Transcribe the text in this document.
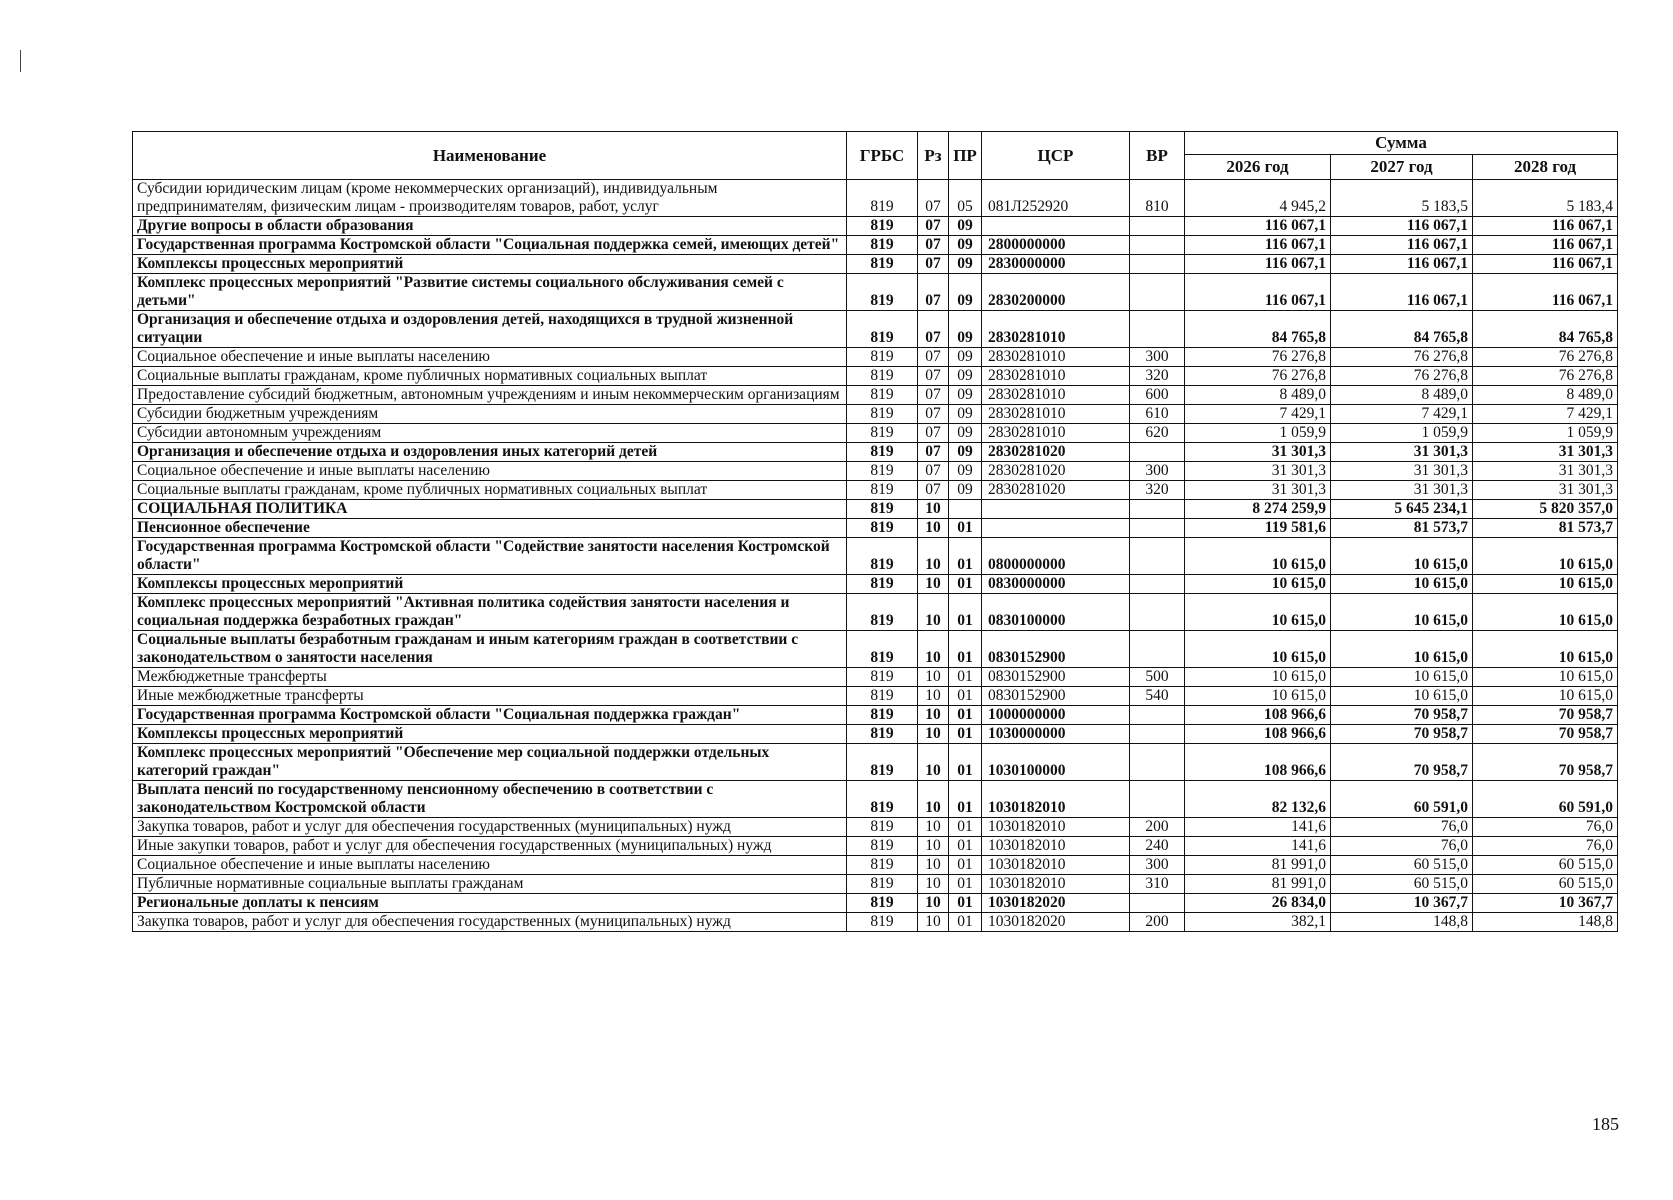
Наименование	ГРБС	Рз	ПР	ЦСР	ВР	Сумма		
						2026 год	2027 год	2028 год
Субсидии юридическим лицам (кроме некоммерческих организаций), индивидуальным предпринимателям, физическим лицам - производителям товаров, работ, услуг	819	07	05	081Л252920	810	4 945,2	5 183,5	5 183,4
Другие вопросы в области образования	819	07	09			116 067,1	116 067,1	116 067,1
Государственная программа Костромской области "Социальная поддержка семей, имеющих детей"	819	07	09	2800000000		116 067,1	116 067,1	116 067,1
Комплексы процессных мероприятий	819	07	09	2830000000		116 067,1	116 067,1	116 067,1
Комплекс процессных мероприятий "Развитие системы социального обслуживания семей с детьми"	819	07	09	2830200000		116 067,1	116 067,1	116 067,1
Организация и обеспечение отдыха и оздоровления детей, находящихся в трудной жизненной ситуации	819	07	09	2830281010		84 765,8	84 765,8	84 765,8
Социальное обеспечение и иные выплаты населению	819	07	09	2830281010	300	76 276,8	76 276,8	76 276,8
Социальные выплаты гражданам, кроме публичных нормативных социальных выплат	819	07	09	2830281010	320	76 276,8	76 276,8	76 276,8
Предоставление субсидий бюджетным, автономным учреждениям и иным некоммерческим организациям	819	07	09	2830281010	600	8 489,0	8 489,0	8 489,0
Субсидии бюджетным учреждениям	819	07	09	2830281010	610	7 429,1	7 429,1	7 429,1
Субсидии автономным учреждениям	819	07	09	2830281010	620	1 059,9	1 059,9	1 059,9
Организация и обеспечение отдыха и оздоровления иных категорий детей	819	07	09	2830281020		31 301,3	31 301,3	31 301,3
Социальное обеспечение и иные выплаты населению	819	07	09	2830281020	300	31 301,3	31 301,3	31 301,3
Социальные выплаты гражданам, кроме публичных нормативных социальных выплат	819	07	09	2830281020	320	31 301,3	31 301,3	31 301,3
СОЦИАЛЬНАЯ ПОЛИТИКА	819	10				8 274 259,9	5 645 234,1	5 820 357,0
Пенсионное обеспечение	819	10	01			119 581,6	81 573,7	81 573,7
Государственная программа Костромской области "Содействие занятости населения Костромской области"	819	10	01	0800000000		10 615,0	10 615,0	10 615,0
Комплексы процессных мероприятий	819	10	01	0830000000		10 615,0	10 615,0	10 615,0
Комплекс процессных мероприятий "Активная политика содействия занятости населения и социальная поддержка безработных граждан"	819	10	01	0830100000		10 615,0	10 615,0	10 615,0
Социальные выплаты безработным гражданам и иным категориям граждан в соответствии с законодательством о занятости населения	819	10	01	0830152900		10 615,0	10 615,0	10 615,0
Межбюджетные трансферты	819	10	01	0830152900	500	10 615,0	10 615,0	10 615,0
Иные межбюджетные трансферты	819	10	01	0830152900	540	10 615,0	10 615,0	10 615,0
Государственная программа Костромской области "Социальная поддержка граждан"	819	10	01	1000000000		108 966,6	70 958,7	70 958,7
Комплексы процессных мероприятий	819	10	01	1030000000		108 966,6	70 958,7	70 958,7
Комплекс процессных мероприятий "Обеспечение мер социальной поддержки отдельных категорий граждан"	819	10	01	1030100000		108 966,6	70 958,7	70 958,7
Выплата пенсий по государственному пенсионному обеспечению в соответствии с законодательством Костромской области	819	10	01	1030182010		82 132,6	60 591,0	60 591,0
Закупка товаров, работ и услуг для обеспечения государственных (муниципальных) нужд	819	10	01	1030182010	200	141,6	76,0	76,0
Иные закупки товаров, работ и услуг для обеспечения государственных (муниципальных) нужд	819	10	01	1030182010	240	141,6	76,0	76,0
Социальное обеспечение и иные выплаты населению	819	10	01	1030182010	300	81 991,0	60 515,0	60 515,0
Публичные нормативные социальные выплаты гражданам	819	10	01	1030182010	310	81 991,0	60 515,0	60 515,0
Региональные доплаты к пенсиям	819	10	01	1030182020		26 834,0	10 367,7	10 367,7
Закупка товаров, работ и услуг для обеспечения государственных (муниципальных) нужд	819	10	01	1030182020	200	382,1	148,8	148,8
185
